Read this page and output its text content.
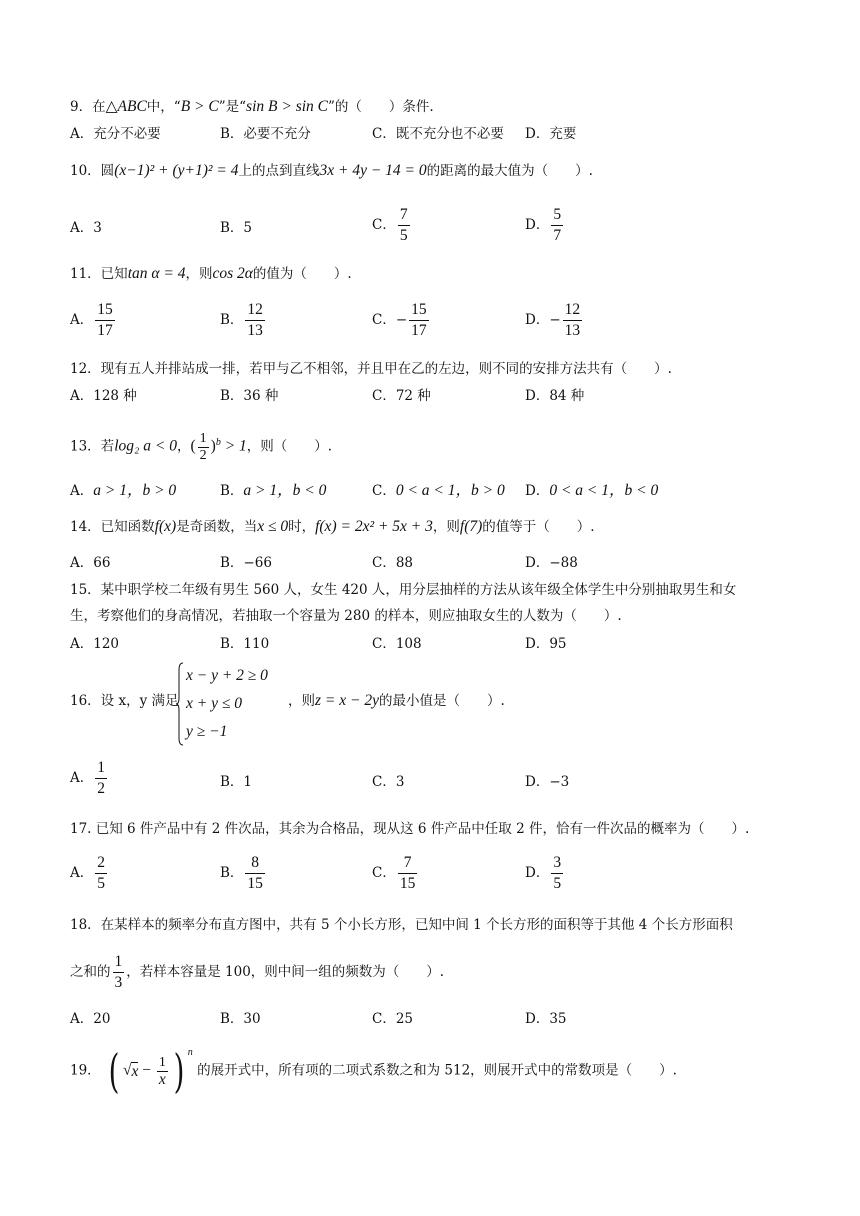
9．在△ABC中，“B > C”是“sin B > sin C”的（　　）条件.
A．充分不必要	B．必要不充分	C．既不充分也不必要 D．充要
10．圆(x−1)² + (y+1)² = 4上的点到直线3x + 4y − 14 = 0的距离的最大值为（　　）.
A．3	B．5	C． $\frac{7}{5}$	D． $\frac{5}{7}$
11．已知tan α = 4，则cos 2α的值为（　　）.
A． $\frac{15}{17}$	B． $\frac{12}{13}$	C．− $\frac{15}{17}$	D．− $\frac{12}{13}$
12．现有五人并排站成一排，若甲与乙不相邻，并且甲在乙的左边，则不同的安排方法共有（　　）.
A．128 种	B．36 种	C．72 种	D．84 种
13．若log₂ a < 0，( $\frac{1}{2} )^b > 1$，则（　　）.
A．a > 1，b > 0	B．a > 1，b < 0	C．0 < a < 1，b > 0 D．0 < a < 1，b < 0
14．已知函数f(x)是奇函数，当x ≤ 0时，f(x) = 2x² + 5x + 3，则f(7)的值等于（　　）.
A．66	B．−66	C．88	D．−88
15．某中职学校二年级有男生 560 人，女生 420 人，用分层抽样的方法从该年级全体学生中分别抽取男生和女
生，考察他们的身高情况，若抽取一个容量为 280 的样本，则应抽取女生的人数为（　　）.
A．120	B．110	C．108	D．95
16．设 x，y 满足
x − y + 2 ≥ 0
x + y ≤ 0
y ≥ −1
，则z = x − 2y的最小值是（　　）.
A． $\frac{1}{2}$	B．1	C．3	D．−3
17. 已知 6 件产品中有 2 件次品，其余为合格品，现从这 6 件产品中任取 2 件，恰有一件次品的概率为（　　）.
A． $\frac{2}{5}$	B． $\frac{8}{15}$	C． $\frac{7}{15}$	D． $\frac{3}{5}$
18．在某样本的频率分布直方图中，共有 5 个小长方形，已知中间 1 个长方形的面积等于其他 4 个长方形面积
之和的 $\frac{1}{3}$ ，若样本容量是 100，则中间一组的频数为（　　）.
A．20	B．30	C．25	D．35
19． ( $√x - \frac{1}{x}$ ) $^n$ 的展开式中，所有项的二项式系数之和为 512，则展开式中的常数项是（　　）.
